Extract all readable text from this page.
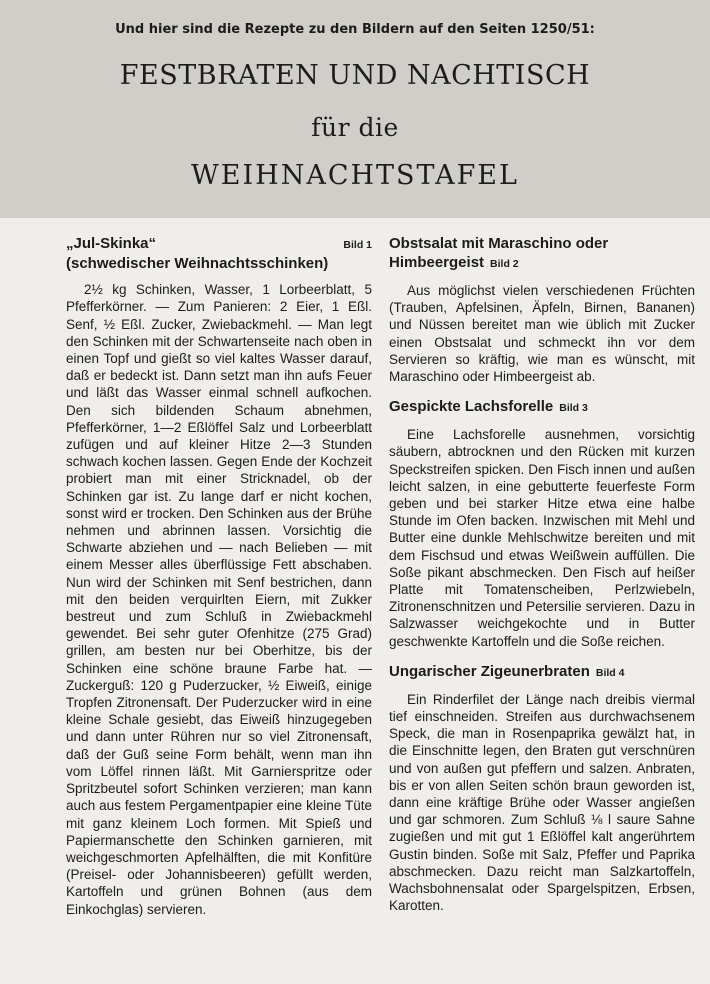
Und hier sind die Rezepte zu den Bildern auf den Seiten 1250/51:
FESTBRATEN UND NACHTISCH
für die
WEIHNACHTSTAFEL
„Jul-Skinka“	Bild 1
(schwedischer Weihnachtsschinken)

2½ kg Schinken, Wasser, 1 Lorbeerblatt, 5 Pfefferkörner. — Zum Panieren: 2 Eier, 1 Eßl. Senf, ½ Eßl. Zucker, Zwiebackmehl. — Man legt den Schinken mit der Schwartenseite nach oben in einen Topf und gießt so viel kaltes Wasser darauf, daß er bedeckt ist. Dann setzt man ihn aufs Feuer und läßt das Wasser einmal schnell aufkochen. Den sich bildenden Schaum abnehmen, Pfefferkörner, 1—2 Eßlöffel Salz und Lorbeerblatt zufügen und auf kleiner Hitze 2—3 Stunden schwach kochen lassen. Gegen Ende der Kochzeit probiert man mit einer Stricknadel, ob der Schinken gar ist. Zu lange darf er nicht kochen, sonst wird er trocken. Den Schinken aus der Brühe nehmen und abrinnen lassen. Vorsichtig die Schwarte abziehen und — nach Belieben — mit einem Messer alles überflüssige Fett abschaben. Nun wird der Schinken mit Senf bestrichen, dann mit den beiden verquirlten Eiern, mit Zukker bestreut und zum Schluß in Zwiebackmehl gewendet. Bei sehr guter Ofenhitze (275 Grad) grillen, am besten nur bei Oberhitze, bis der Schinken eine schöne braune Farbe hat. — Zuckerguß: 120 g Puderzucker, ½ Eiweiß, einige Tropfen Zitronensaft. Der Puderzucker wird in eine kleine Schale gesiebt, das Eiweiß hinzugegeben und dann unter Rühren nur so viel Zitronensaft, daß der Guß seine Form behält, wenn man ihn vom Löffel rinnen läßt. Mit Garnierspritze oder Spritzbeutel sofort Schinken verzieren; man kann auch aus festem Pergamentpapier eine kleine Tüte mit ganz kleinem Loch formen. Mit Spieß und Papiermanschette den Schinken garnieren, mit weichgeschmorten Apfelhälften, die mit Konfitüre (Preisel- oder Johannisbeeren) gefüllt werden, Kartoffeln und grünen Bohnen (aus dem Einkochglas) servieren.

Obstsalat mit Maraschino oder Himbeergeist Bild 2

Aus möglichst vielen verschiedenen Früchten (Trauben, Apfelsinen, Äpfeln, Birnen, Bananen) und Nüssen bereitet man wie üblich mit Zucker einen Obstsalat und schmeckt ihn vor dem Servieren so kräftig, wie man es wünscht, mit Maraschino oder Himbeergeist ab.

Gespickte Lachsforelle Bild 3

Eine Lachsforelle ausnehmen, vorsichtig säubern, abtrocknen und den Rücken mit kurzen Speckstreifen spicken. Den Fisch innen und außen leicht salzen, in eine gebutterte feuerfeste Form geben und bei starker Hitze etwa eine halbe Stunde im Ofen backen. Inzwischen mit Mehl und Butter eine dunkle Mehlschwitze bereiten und mit dem Fischsud und etwas Weißwein auffüllen. Die Soße pikant abschmecken. Den Fisch auf heißer Platte mit Tomatenscheiben, Perlzwiebeln, Zitronenschnitzen und Petersilie servieren. Dazu in Salzwasser weichgekochte und in Butter geschwenkte Kartoffeln und die Soße reichen.

Ungarischer Zigeunerbraten Bild 4

Ein Rinderfilet der Länge nach dreibis viermal tief einschneiden. Streifen aus durchwachsenem Speck, die man in Rosenpaprika gewälzt hat, in die Einschnitte legen, den Braten gut verschnüren und von außen gut pfeffern und salzen. Anbraten, bis er von allen Seiten schön braun geworden ist, dann eine kräftige Brühe oder Wasser angießen und gar schmoren. Zum Schluß ⅛ l saure Sahne zugießen und mit gut 1 Eßlöffel kalt angerührtem Gustin binden. Soße mit Salz, Pfeffer und Paprika abschmecken. Dazu reicht man Salzkartoffeln, Wachsbohnensalat oder Spargelspitzen, Erbsen, Karotten.
